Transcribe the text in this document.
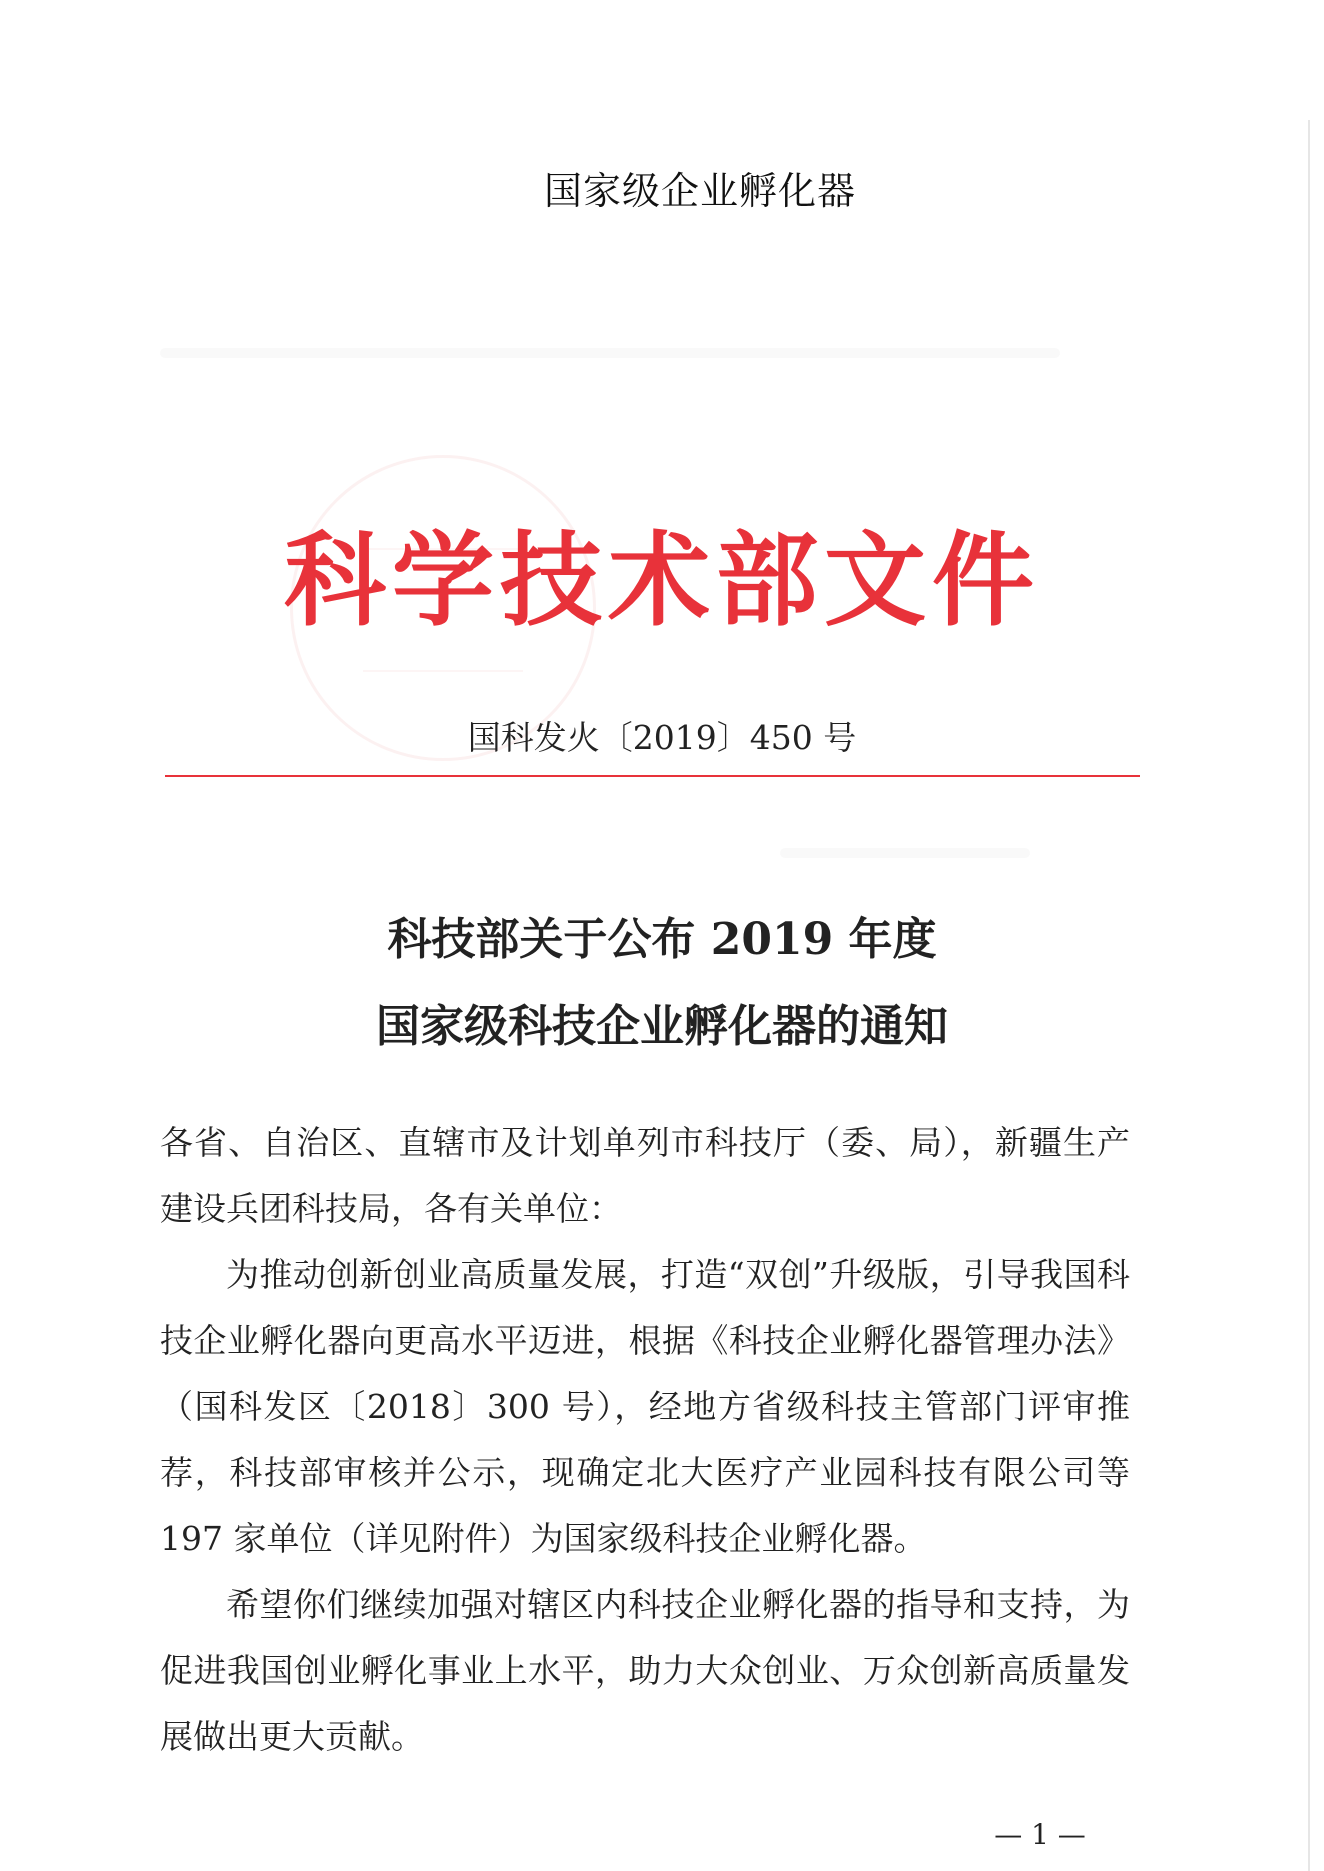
国家级企业孵化器
科学技术部文件
国科发火〔2019〕450 号
科技部关于公布 2019 年度
国家级科技企业孵化器的通知
各省、自治区、直辖市及计划单列市科技厅（委、局），新疆生产建设兵团科技局，各有关单位：
为推动创新创业高质量发展，打造“双创”升级版，引导我国科技企业孵化器向更高水平迈进，根据《科技企业孵化器管理办法》（国科发区〔2018〕300 号），经地方省级科技主管部门评审推荐，科技部审核并公示，现确定北大医疗产业园科技有限公司等 197 家单位（详见附件）为国家级科技企业孵化器。
希望你们继续加强对辖区内科技企业孵化器的指导和支持，为促进我国创业孵化事业上水平，助力大众创业、万众创新高质量发展做出更大贡献。
— 1 —
